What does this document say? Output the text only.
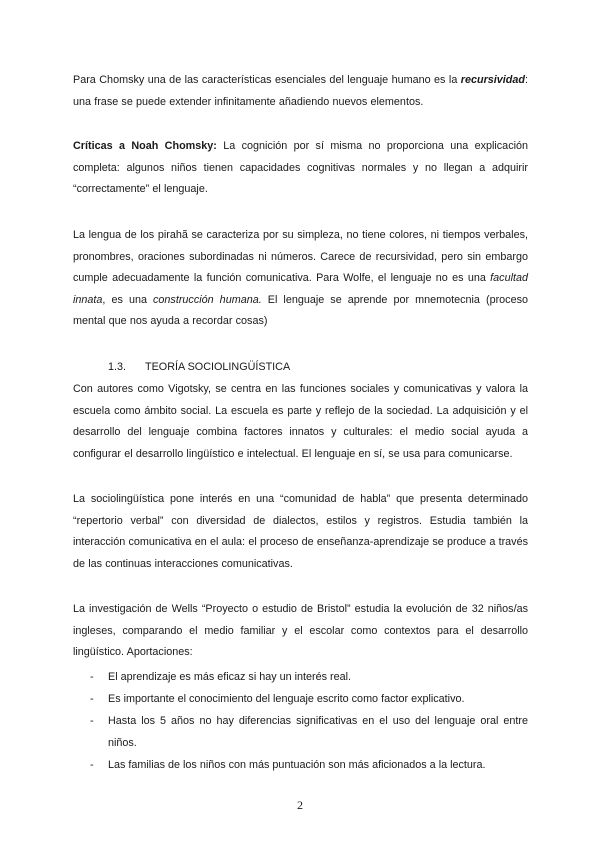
Para Chomsky una de las características esenciales del lenguaje humano es la recursividad: una frase se puede extender infinitamente añadiendo nuevos elementos.

Críticas a Noah Chomsky: La cognición por sí misma no proporciona una explicación completa: algunos niños tienen capacidades cognitivas normales y no llegan a adquirir “correctamente” el lenguaje.

La lengua de los pirahã se caracteriza por su simpleza, no tiene colores, ni tiempos verbales, pronombres, oraciones subordinadas ni números. Carece de recursividad, pero sin embargo cumple adecuadamente la función comunicativa. Para Wolfe, el lenguaje no es una facultad innata, es una construcción humana. El lenguaje se aprende por mnemotecnia (proceso mental que nos ayuda a recordar cosas)

1.3. TEORÍA SOCIOLINGÜÍSTICA

Con autores como Vigotsky, se centra en las funciones sociales y comunicativas y valora la escuela como ámbito social. La escuela es parte y reflejo de la sociedad. La adquisición y el desarrollo del lenguaje combina factores innatos y culturales: el medio social ayuda a configurar el desarrollo lingüístico e intelectual. El lenguaje en sí, se usa para comunicarse.

La sociolingüística pone interés en una “comunidad de habla” que presenta determinado “repertorio verbal” con diversidad de dialectos, estilos y registros. Estudia también la interacción comunicativa en el aula: el proceso de enseñanza-aprendizaje se produce a través de las continuas interacciones comunicativas.

La investigación de Wells “Proyecto o estudio de Bristol” estudia la evolución de 32 niños/as ingleses, comparando el medio familiar y el escolar como contextos para el desarrollo lingüístico. Aportaciones:

- El aprendizaje es más eficaz si hay un interés real.
- Es importante el conocimiento del lenguaje escrito como factor explicativo.
- Hasta los 5 años no hay diferencias significativas en el uso del lenguaje oral entre niños.
- Las familias de los niños con más puntuación son más aficionados a la lectura.
2
